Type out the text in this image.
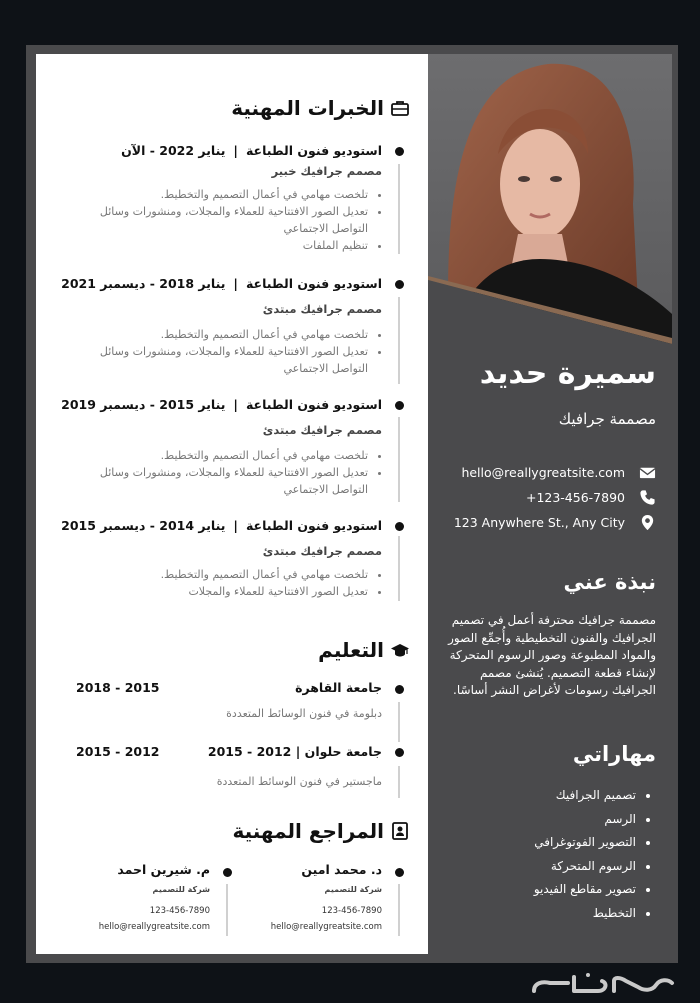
الخبرات المهنية
استوديو فنون الطباعة|يناير 2022 - الآن
مصمم جرافيك خبير
• تلخصت مهامي في أعمال التصميم والتخطيط.
• تعديل الصور الافتتاحية للعملاء والمجلات، ومنشورات وسائل التواصل الاجتماعي
• تنظيم الملفات
استوديو فنون الطباعة|يناير 2018 - ديسمبر 2021
مصمم جرافيك مبتدئ
• تلخصت مهامي في أعمال التصميم والتخطيط.
• تعديل الصور الافتتاحية للعملاء والمجلات، ومنشورات وسائل التواصل الاجتماعي
استوديو فنون الطباعة|يناير 2015 - ديسمبر 2019
مصمم جرافيك مبتدئ
• تلخصت مهامي في أعمال التصميم والتخطيط.
• تعديل الصور الافتتاحية للعملاء والمجلات، ومنشورات وسائل التواصل الاجتماعي
استوديو فنون الطباعة|يناير 2014 - ديسمبر 2015
مصمم جرافيك مبتدئ
• تلخصت مهامي في أعمال التصميم والتخطيط.
• تعديل الصور الافتتاحية للعملاء والمجلات
التعليم
جامعة القاهرة
2015 - 2018
دبلومة في فنون الوسائط المتعددة
جامعة حلوان | 2012 - 2015
2012 - 2015
ماجستير في فنون الوسائط المتعددة
المراجع المهنية
د. محمد امين
شركة للتصميم
123-456-7890
hello@reallygreatsite.com
م. شيرين احمد
شركة للتصميم
123-456-7890
hello@reallygreatsite.com
سميرة حديد
مصممة جرافيك
hello@reallygreatsite.com
+123-456-7890
123 Anywhere St., Any City
نبذة عني
مصممة جرافيك محترفة أعمل في تصميم الجرافيك والفنون التخطيطية وأُجمِّع الصور والمواد المطبوعة وصور الرسوم المتحركة لإنشاء قطعة التصميم. يُنشئ مصمم الجرافيك رسومات لأغراض النشر أساسًا.
مهاراتي
• تصميم الجرافيك
• الرسم
• التصوير الفوتوغرافي
• الرسوم المتحركة
• تصوير مقاطع الفيديو
• التخطيط
